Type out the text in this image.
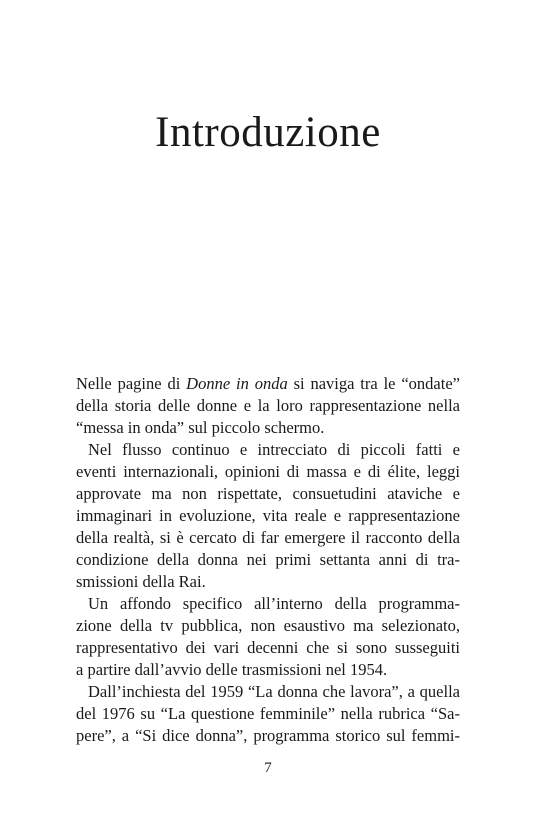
Introduzione
Nelle pagine di Donne in onda si naviga tra le “ondate”
della storia delle donne e la loro rappresentazione nella
“messa in onda” sul piccolo schermo.
Nel flusso continuo e intrecciato di piccoli fatti e
eventi internazionali, opinioni di massa e di élite, leggi
approvate ma non rispettate, consuetudini ataviche e
immaginari in evoluzione, vita reale e rappresentazione
della realtà, si è cercato di far emergere il racconto della
condizione della donna nei primi settanta anni di tra-
smissioni della Rai.
Un affondo specifico all’interno della programma-
zione della tv pubblica, non esaustivo ma selezionato,
rappresentativo dei vari decenni che si sono susseguiti
a partire dall’avvio delle trasmissioni nel 1954.
Dall’inchiesta del 1959 “La donna che lavora”, a quella
del 1976 su “La questione femminile” nella rubrica “Sa-
pere”, a “Si dice donna”, programma storico sul femmi-
7
